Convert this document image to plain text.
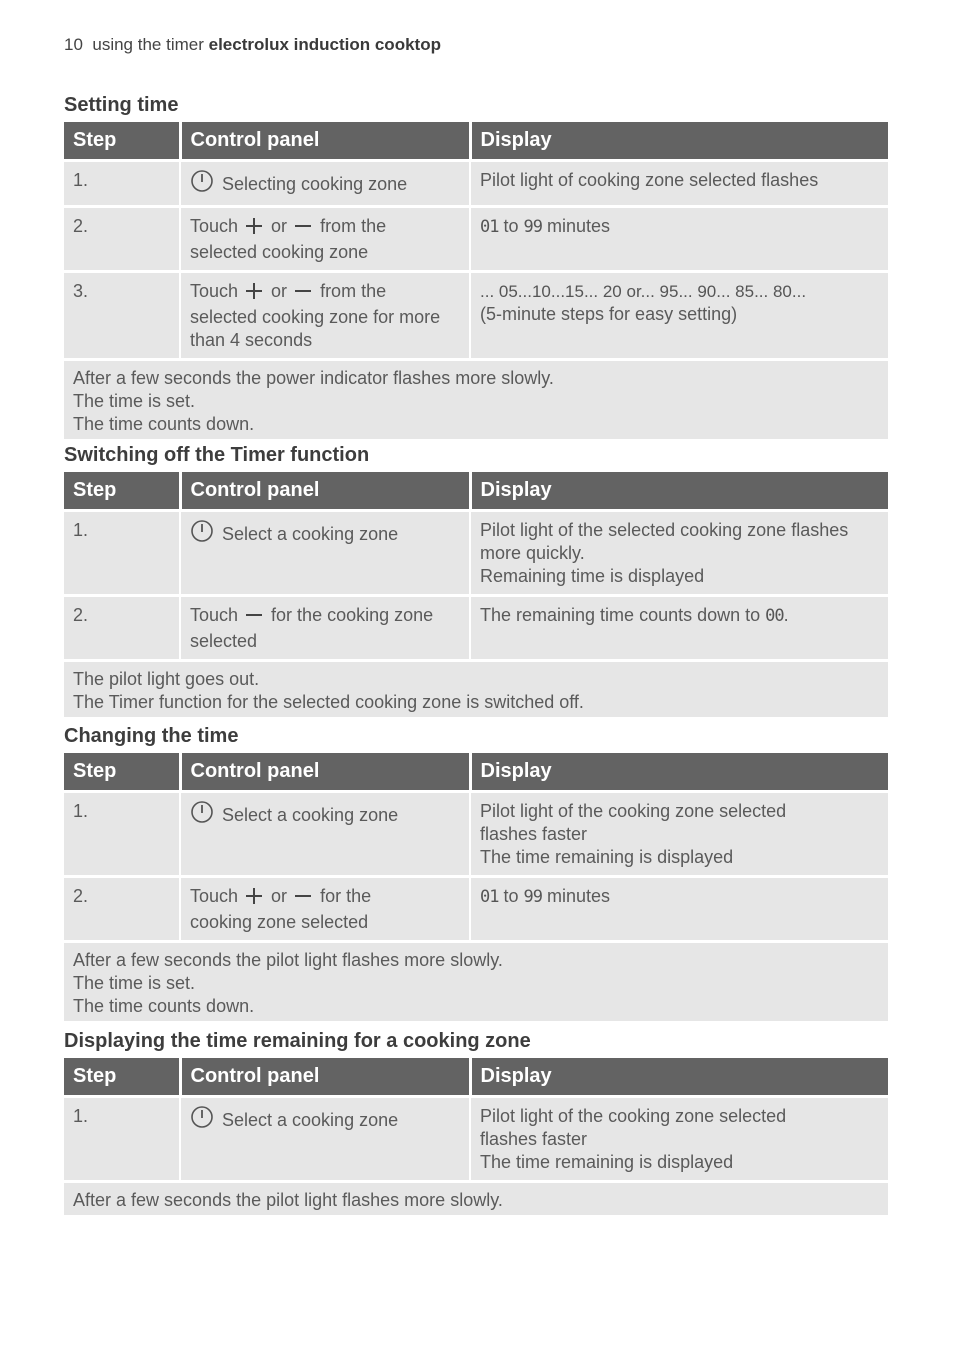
10 using the timer electrolux induction cooktop
Setting time
Step	Control panel	Display
1.	Selecting cooking zone	Pilot light of cooking zone selected flashes
2.	Touch or from the
selected cooking zone	01 to 99 minutes
3.	Touch or from the
selected cooking zone for more
than 4 seconds	... 05...10...15... 20 or... 95... 90... 85... 80...
(5-minute steps for easy setting)

After a few seconds the power indicator flashes more slowly.
The time is set.
The time counts down.		
Switching off the Timer function
Step	Control panel	Display
1.	Select a cooking zone	Pilot light of the selected cooking zone flashes
more quickly.
Remaining time is displayed

2.	Touch for the cooking zone
selected	The remaining time counts down to 00.

The pilot light goes out.
The Timer function for the selected cooking zone is switched off.		
Changing the time
Step	Control panel	Display
1.	Select a cooking zone	Pilot light of the cooking zone selected
flashes faster
The time remaining is displayed

2.	Touch or for the
cooking zone selected	01 to 99 minutes

After a few seconds the pilot light flashes more slowly.
The time is set.
The time counts down.		
Displaying the time remaining for a cooking zone
Step	Control panel	Display
1.	Select a cooking zone	Pilot light of the cooking zone selected
flashes faster
The time remaining is displayed

After a few seconds the pilot light flashes more slowly.		
